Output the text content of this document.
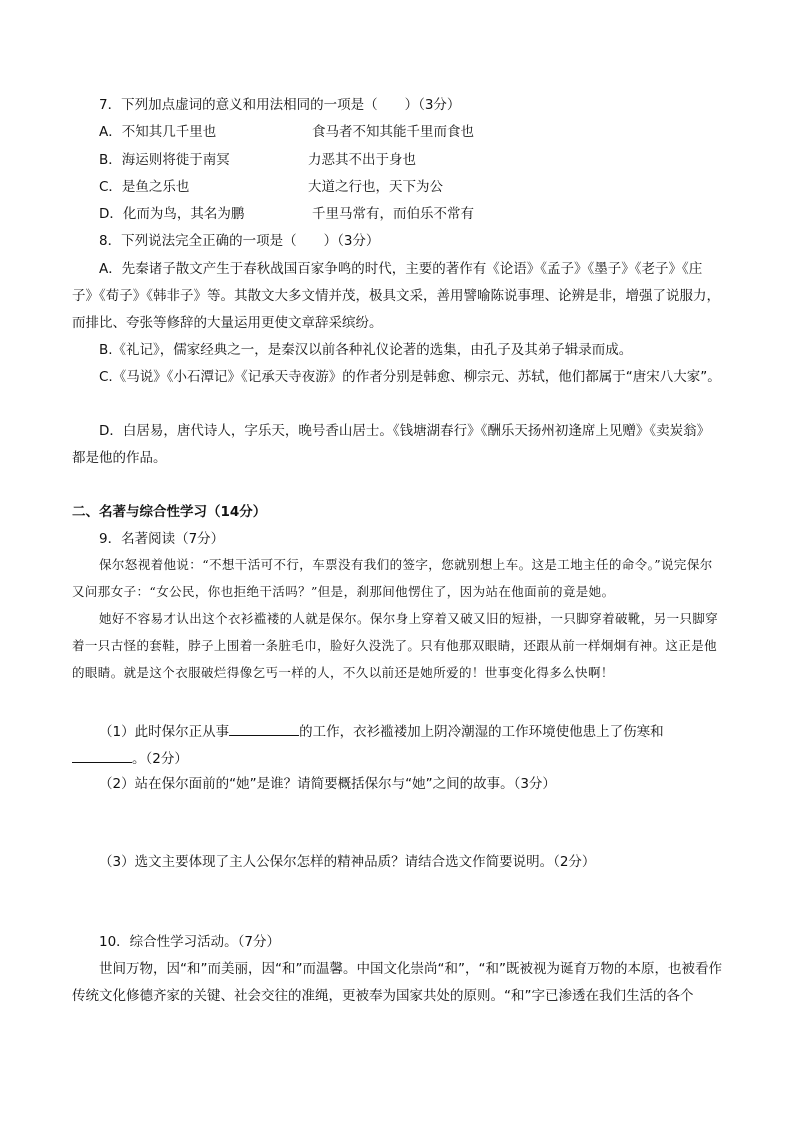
7．下列加点虚词的意义和用法相同的一项是（　　）（3分）
A．不知其几千里也	食马者不知其能千里而食也
B．海运则将徙于南冥	力恶其不出于身也
C．是鱼之乐也	大道之行也，天下为公
D．化而为鸟，其名为鹏	千里马常有，而伯乐不常有
8．下列说法完全正确的一项是（　　）（3分）
A．先秦诸子散文产生于春秋战国百家争鸣的时代，主要的著作有《论语》《孟子》《墨子》《老子》《庄子》《荀子》《韩非子》等。其散文大多文情并茂，极具文采，善用譬喻陈说事理、论辨是非，增强了说服力，而排比、夸张等修辞的大量运用更使文章辞采缤纷。
B.《礼记》，儒家经典之一，是秦汉以前各种礼仪论著的选集，由孔子及其弟子辑录而成。
C.《马说》《小石潭记》《记承天寺夜游》的作者分别是韩愈、柳宗元、苏轼，他们都属于“唐宋八大家”。
D．白居易，唐代诗人，字乐天，晚号香山居士。《钱塘湖春行》《酬乐天扬州初逢席上见赠》《卖炭翁》都是他的作品。
二、名著与综合性学习（14分）
9．名著阅读（7分）
保尔怒视着他说：“不想干活可不行，车票没有我们的签字，您就别想上车。这是工地主任的命令。”说完保尔又问那女子：“女公民，你也拒绝干活吗？”但是，刹那间他愣住了，因为站在他面前的竟是她。
她好不容易才认出这个衣衫褴褛的人就是保尔。保尔身上穿着又破又旧的短褂，一只脚穿着破靴，另一只脚穿着一只古怪的套鞋，脖子上围着一条脏毛巾，脸好久没洗了。只有他那双眼睛，还跟从前一样炯炯有神。这正是他的眼睛。就是这个衣服破烂得像乞丐一样的人，不久以前还是她所爱的！世事变化得多么快啊！
（1）此时保尔正从事	的工作，衣衫褴褛加上阴冷潮湿的工作环境使他患上了伤寒和
。（2分）
（2）站在保尔面前的“她”是谁？请简要概括保尔与“她”之间的故事。（3分）
（3）选文主要体现了主人公保尔怎样的精神品质？请结合选文作简要说明。（2分）
10．综合性学习活动。（7分）
世间万物，因“和”而美丽，因“和”而温馨。中国文化崇尚“和”，“和”既被视为诞育万物的本原，也被看作传统文化修德齐家的关键、社会交往的准绳，更被奉为国家共处的原则。“和”字已渗透在我们生活的各个
